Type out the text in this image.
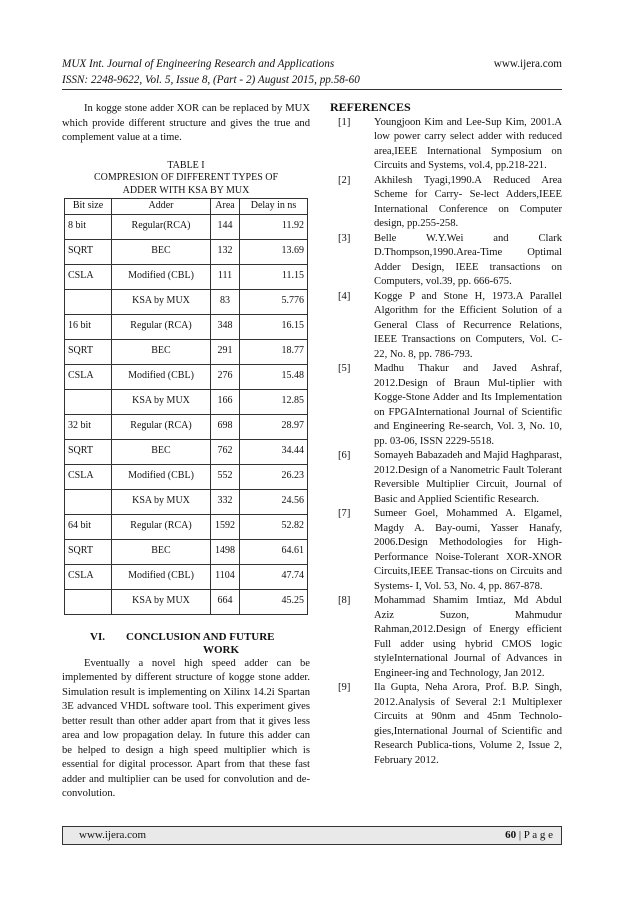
MUX Int. Journal of Engineering Research and Applications
ISSN: 2248-9622, Vol. 5, Issue 8, (Part - 2) August 2015, pp.58-60
www.ijera.com

In kogge stone adder XOR can be replaced by MUX which provide different structure and gives the true and complement value at a time.

TABLE I
COMPRESION OF DIFFERENT TYPES OF
ADDER WITH KSA BY MUX
Bit size	Adder	Area	Delay in ns
8 bit	Regular(RCA)	144	11.92
SQRT	BEC	132	13.69
CSLA	Modified (CBL)	111	11.15
	KSA by MUX	83	5.776
16 bit	Regular (RCA)	348	16.15
SQRT	BEC	291	18.77
CSLA	Modified (CBL)	276	15.48
	KSA by MUX	166	12.85
32 bit	Regular (RCA)	698	28.97
SQRT	BEC	762	34.44
CSLA	Modified (CBL)	552	26.23
	KSA by MUX	332	24.56
64 bit	Regular (RCA)	1592	52.82
SQRT	BEC	1498	64.61
CSLA	Modified (CBL)	1104	47.74
	KSA by MUX	664	45.25
VI. CONCLUSION AND FUTURE
WORK

Eventually a novel high speed adder can be implemented by different structure of kogge stone adder. Simulation result is implementing on Xilinx 14.2i Spartan 3E advanced VHDL software tool. This experiment gives better result than other adder apart from that it gives less area and low propagation delay. In future this adder can be helped to design a high speed multiplier which is essential for digital processor. Apart from that these fast adder and multiplier can be used for convolution and de-convolution.

REFERENCES
[1]	Youngjoon Kim and Lee-Sup Kim, 2001.A low power carry select adder with reduced area,IEEE International Symposium on Circuits and Systems, vol.4, pp.218-221.
[2]	Akhilesh Tyagi,1990.A Reduced Area Scheme for Carry- Se-lect Adders,IEEE International Conference on Computer design, pp.255-258.
[3]	Belle W.Y.Wei and Clark D.Thompson,1990.Area-Time Optimal Adder Design, IEEE transactions on Computers, vol.39, pp. 666-675.
[4]	Kogge P and Stone H, 1973.A Parallel Algorithm for the Efficient Solution of a General Class of Recurrence Relations, IEEE Transactions on Computers, Vol. C-22, No. 8, pp. 786-793.
[5]	Madhu Thakur and Javed Ashraf, 2012.Design of Braun Mul-tiplier with Kogge-Stone Adder and Its Implementation on FPGAInternational Journal of Scientific and Engineering Re-search, Vol. 3, No. 10, pp. 03-06, ISSN 2229-5518.
[6]	Somayeh Babazadeh and Majid Haghparast, 2012.Design of a Nanometric Fault Tolerant Reversible Multiplier Circuit, Journal of Basic and Applied Scientific Research.
[7]	Sumeer Goel, Mohammed A. Elgamel, Magdy A. Bay-oumi, Yasser Hanafy, 2006.Design Methodologies for High-Performance Noise-Tolerant XOR-XNOR Circuits,IEEE Transac-tions on Circuits and Systems- I, Vol. 53, No. 4, pp. 867-878.
[8]	Mohammad Shamim Imtiaz, Md Abdul Aziz Suzon, Mahmudur Rahman,2012.Design of Energy efficient Full adder using hybrid CMOS logic styleInternational Journal of Advances in Engineer-ing and Technology, Jan 2012.
[9]	Ila Gupta, Neha Arora, Prof. B.P. Singh, 2012.Analysis of Several 2:1 Multiplexer Circuits at 90nm and 45nm Technolo-gies,International Journal of Scientific and Research Publica-tions, Volume 2, Issue 2, February 2012.
www.ijera.com	60 | P a g e
